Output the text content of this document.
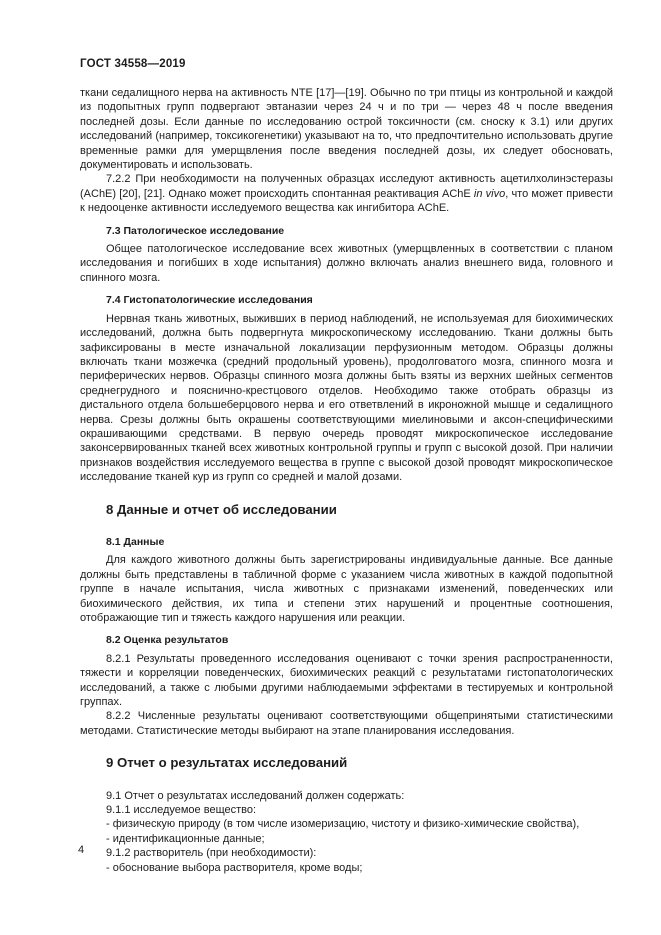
ГОСТ 34558—2019

ткани седалищного нерва на активность NTE [17]—[19]. Обычно по три птицы из контрольной и каждой из подопытных групп подвергают эвтаназии через 24 ч и по три — через 48 ч после введения последней дозы. Если данные по исследованию острой токсичности (см. сноску к 3.1) или других исследований (например, токсикогенетики) указывают на то, что предпочтительно использовать другие временные рамки для умерщвления после введения последней дозы, их следует обосновать, документировать и использовать.

7.2.2 При необходимости на полученных образцах исследуют активность ацетилхолинэстеразы (AChE) [20], [21]. Однако может происходить спонтанная реактивация AChE in vivo, что может привести к недооценке активности исследуемого вещества как ингибитора AChE.

7.3 Патологическое исследование

Общее патологическое исследование всех животных (умерщвленных в соответствии с планом исследования и погибших в ходе испытания) должно включать анализ внешнего вида, головного и спинного мозга.

7.4 Гистопатологические исследования

Нервная ткань животных, выживших в период наблюдений, не используемая для биохимических исследований, должна быть подвергнута микроскопическому исследованию. Ткани должны быть зафиксированы в месте изначальной локализации перфузионным методом. Образцы должны включать ткани мозжечка (средний продольный уровень), продолговатого мозга, спинного мозга и периферических нервов. Образцы спинного мозга должны быть взяты из верхних шейных сегментов среднегрудного и пояснично-крестцового отделов. Необходимо также отобрать образцы из дистального отдела большеберцового нерва и его ответвлений в икроножной мышце и седалищного нерва. Срезы должны быть окрашены соответствующими миелиновыми и аксон-специфическими окрашивающими средствами. В первую очередь проводят микроскопическое исследование законсервированных тканей всех животных контрольной группы и групп с высокой дозой. При наличии признаков воздействия исследуемого вещества в группе с высокой дозой проводят микроскопическое исследование тканей кур из групп со средней и малой дозами.

8 Данные и отчет об исследовании

8.1 Данные

Для каждого животного должны быть зарегистрированы индивидуальные данные. Все данные должны быть представлены в табличной форме с указанием числа животных в каждой подопытной группе в начале испытания, числа животных с признаками изменений, поведенческих или биохимического действия, их типа и степени этих нарушений и процентные соотношения, отображающие тип и тяжесть каждого нарушения или реакции.

8.2 Оценка результатов

8.2.1 Результаты проведенного исследования оценивают с точки зрения распространенности, тяжести и корреляции поведенческих, биохимических реакций с результатами гистопатологических исследований, а также с любыми другими наблюдаемыми эффектами в тестируемых и контрольной группах.

8.2.2 Численные результаты оценивают соответствующими общепринятыми статистическими методами. Статистические методы выбирают на этапе планирования исследования.

9 Отчет о результатах исследований

9.1 Отчет о результатах исследований должен содержать:

9.1.1 исследуемое вещество:

- физическую природу (в том числе изомеризацию, чистоту и физико-химические свойства),

- идентификационные данные;

9.1.2 растворитель (при необходимости):

- обоснование выбора растворителя, кроме воды;

4
